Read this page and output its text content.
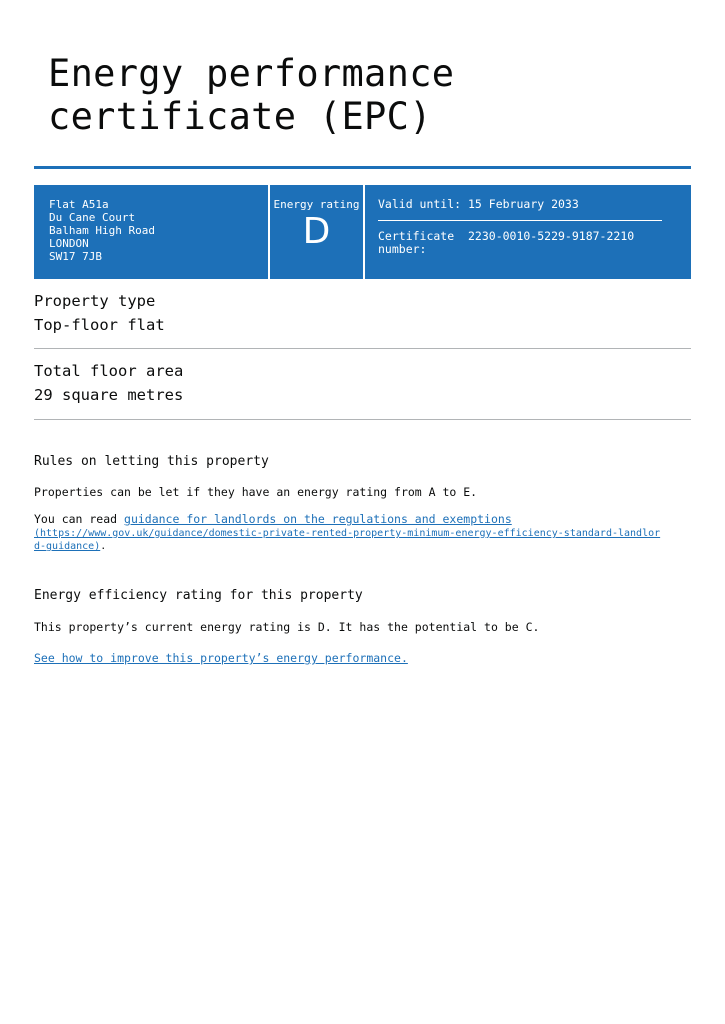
Energy performance
certificate (EPC)
Flat A51a
Du Cane Court
Balham High Road
LONDON
SW17 7JB
Energy rating
D
Valid until: 15 February 2033
Certificate number:
2230-0010-5229-9187-2210
Property type
Top-floor flat
Total floor area
29 square metres
Rules on letting this property

Properties can be let if they have an energy rating from A to E.

You can read guidance for landlords on the regulations and exemptions

(https://www.gov.uk/guidance/domestic-private-rented-property-minimum-energy-efficiency-standard-landlord-guidance).
Energy efficiency rating for this property

This property’s current energy rating is D. It has the potential to be C.

See how to improve this property’s energy performance.
